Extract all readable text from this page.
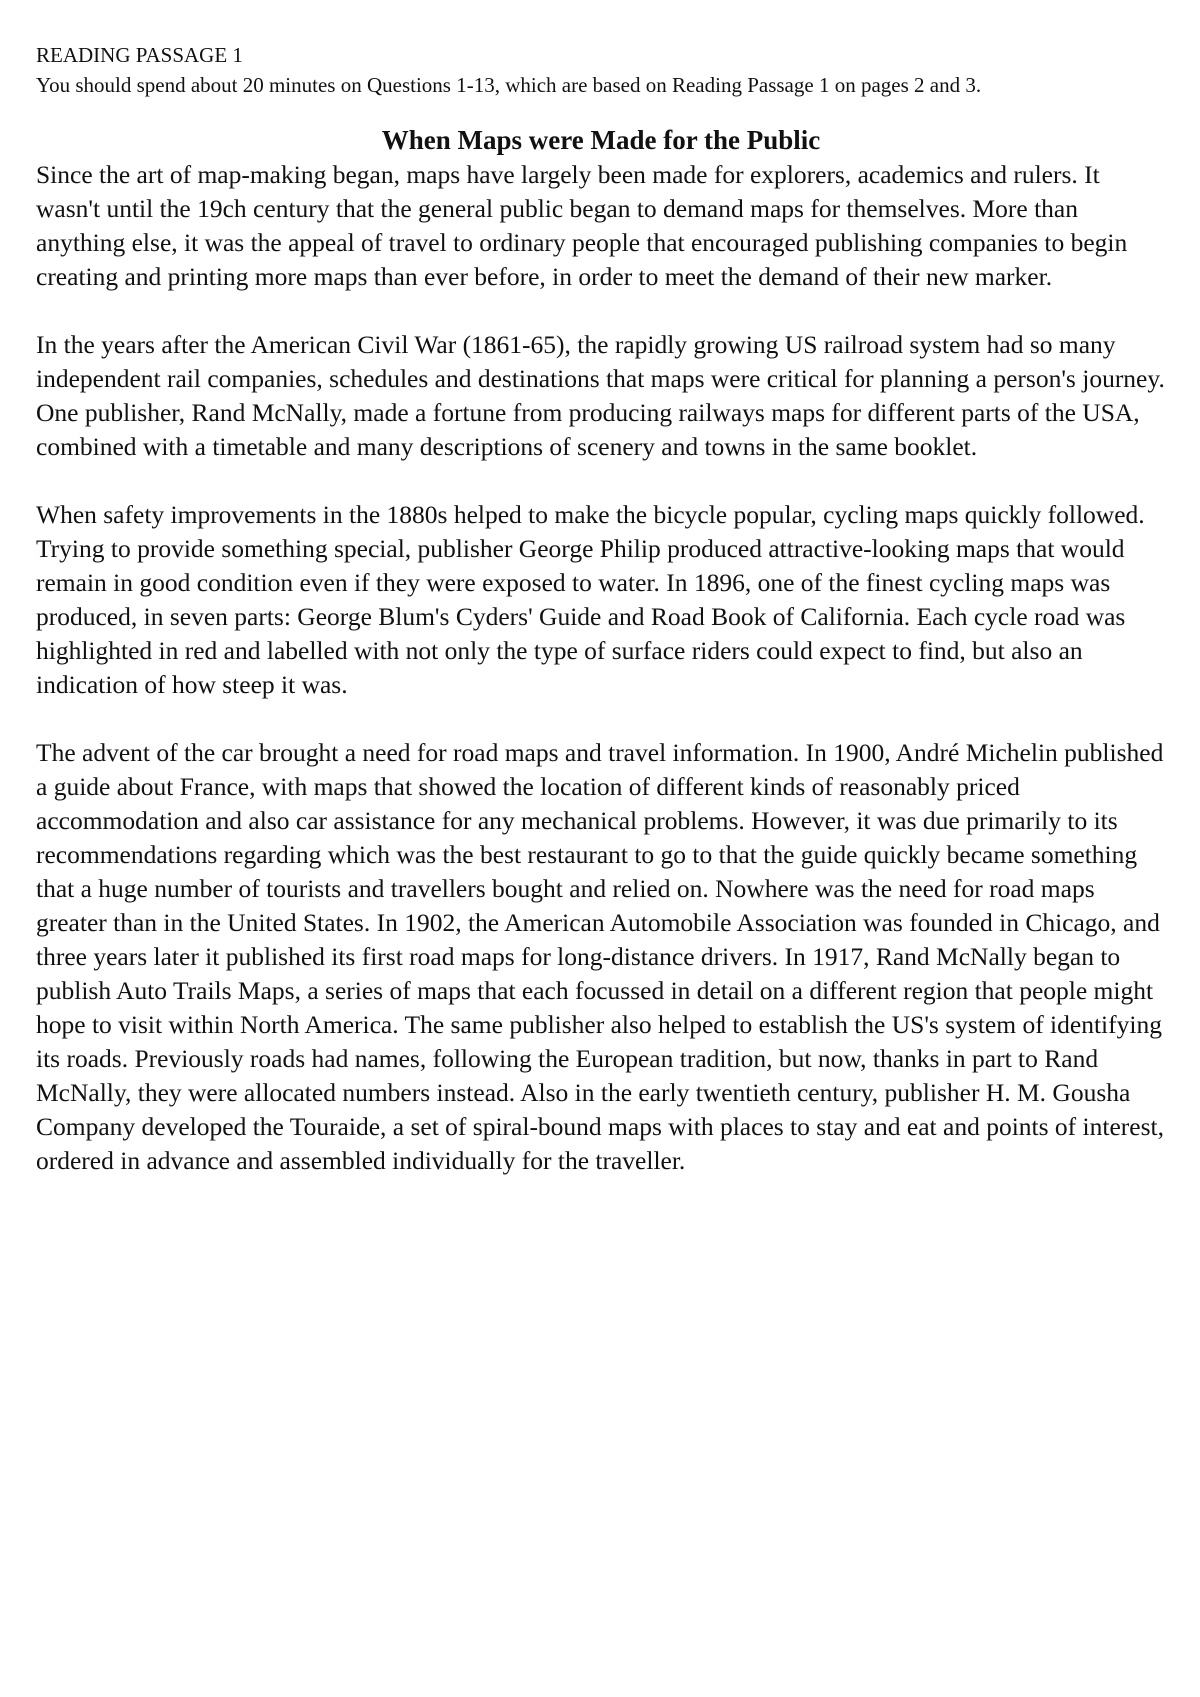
READING PASSAGE 1

You should spend about 20 minutes on Questions 1-13, which are based on Reading Passage 1 on pages 2 and 3.

When Maps were Made for the Public

Since the art of map-making began, maps have largely been made for explorers, academics and rulers. It wasn't until the 19ch century that the general public began to demand maps for themselves. More than anything else, it was the appeal of travel to ordinary people that encouraged publishing companies to begin creating and printing more maps than ever before, in order to meet the demand of their new marker.

In the years after the American Civil War (1861-65), the rapidly growing US railroad system had so many independent rail companies, schedules and destinations that maps were critical for planning a person's journey. One publisher, Rand McNally, made a fortune from producing railways maps for different parts of the USA, combined with a timetable and many descriptions of scenery and towns in the same booklet.

When safety improvements in the 1880s helped to make the bicycle popular, cycling maps quickly followed. Trying to provide something special, publisher George Philip produced attractive-looking maps that would remain in good condition even if they were exposed to water. In 1896, one of the finest cycling maps was produced, in seven parts: George Blum's Cyders' Guide and Road Book of California. Each cycle road was highlighted in red and labelled with not only the type of surface riders could expect to find, but also an indication of how steep it was.

The advent of the car brought a need for road maps and travel information. In 1900, André Michelin published a guide about France, with maps that showed the location of different kinds of reasonably priced accommodation and also car assistance for any mechanical problems. However, it was due primarily to its recommendations regarding which was the best restaurant to go to that the guide quickly became something that a huge number of tourists and travellers bought and relied on. Nowhere was the need for road maps greater than in the United States. In 1902, the American Automobile Association was founded in Chicago, and three years later it published its first road maps for long-distance drivers. In 1917, Rand McNally began to publish Auto Trails Maps, a series of maps that each focussed in detail on a different region that people might hope to visit within North America. The same publisher also helped to establish the US's system of identifying its roads. Previously roads had names, following the European tradition, but now, thanks in part to Rand McNally, they were allocated numbers instead. Also in the early twentieth century, publisher H. M. Gousha Company developed the Touraide, a set of spiral-bound maps with places to stay and eat and points of interest, ordered in advance and assembled individually for the traveller.
